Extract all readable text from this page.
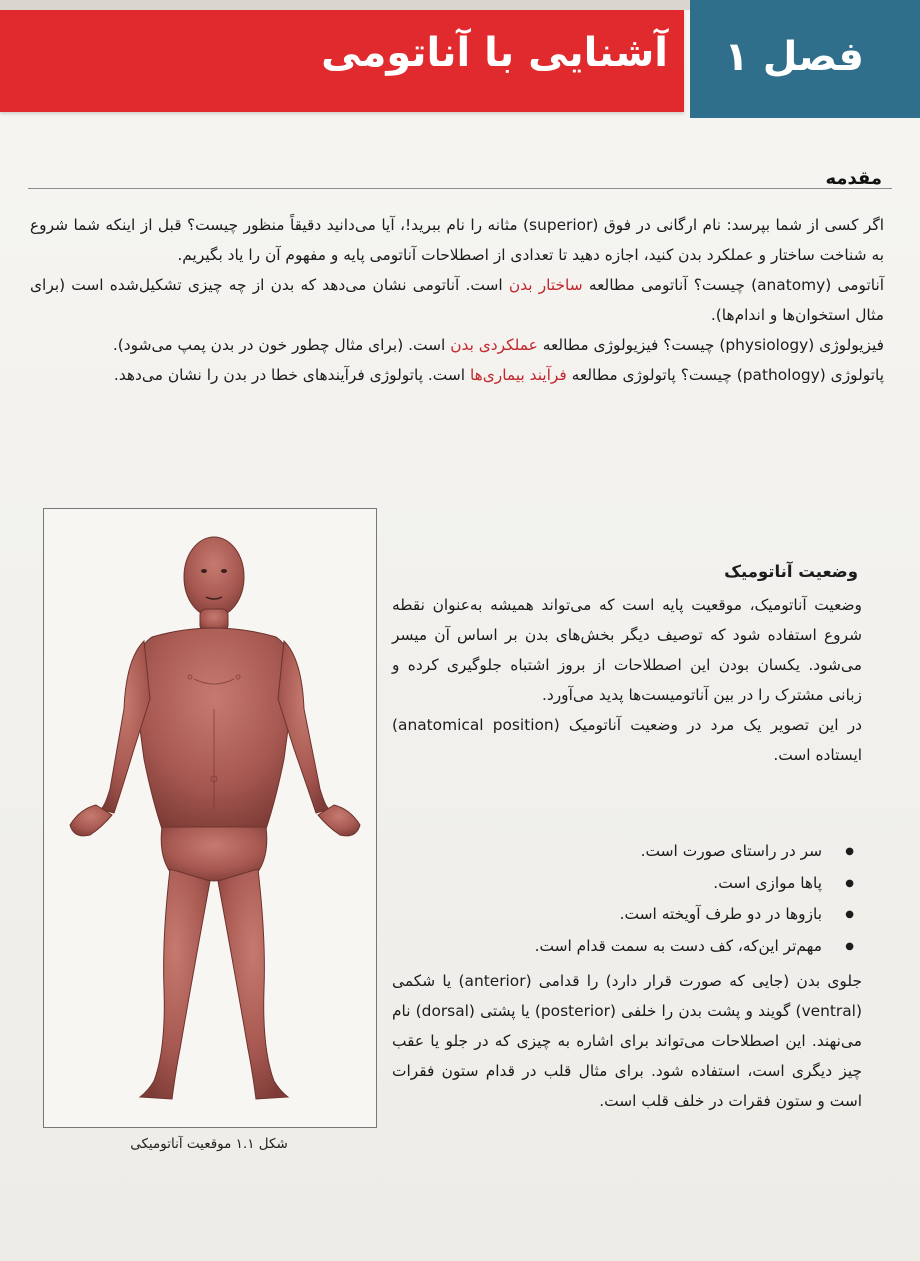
آشنایی با آناتومی فصل ۱
مقدمه

اگر کسی از شما بپرسد: نام ارگانی در فوق (superior) مثانه را نام ببرید!، آیا می‌دانید دقیقاً منظور چیست؟ قبل از اینکه شما شروع به شناخت ساختار و عملکرد بدن کنید، اجازه دهید تا تعدادی از اصطلاحات آناتومی پایه و مفهوم آن را یاد بگیریم.

آناتومی (anatomy) چیست؟ آناتومی مطالعه ساختار بدن است. آناتومی نشان می‌دهد که بدن از چه چیزی تشکیل‌شده است (برای مثال استخوان‌ها و اندام‌ها).

فیزیولوژی (physiology) چیست؟ فیزیولوژی مطالعه عملکردی بدن است. (برای مثال چطور خون در بدن پمپ می‌شود).

پاتولوژی (pathology) چیست؟ پاتولوژی مطالعه فرآیند بیماری‌ها است. پاتولوژی فرآیندهای خطا در بدن را نشان می‌دهد.

شکل ۱.۱ موقعیت آناتومیکی
وضعیت آناتومیک

وضعیت آناتومیک، موقعیت پایه است که می‌تواند همیشه به‌عنوان نقطه شروع استفاده شود که توصیف دیگر بخش‌های بدن بر اساس آن میسر می‌شود. یکسان بودن این اصطلاحات از بروز اشتباه جلوگیری کرده و زبانی مشترک را در بین آناتومیست‌ها پدید می‌آورد.

در این تصویر یک مرد در وضعیت آناتومیک (anatomical position) ایستاده است.

● سر در راستای صورت است.
● پاها موازی است.
● بازوها در دو طرف آویخته است.
● مهم‌تر این‌که، کف دست به سمت قدام است.

جلوی بدن (جایی که صورت قرار دارد) را قدامی (anterior) یا شکمی (ventral) گویند و پشت بدن را خلفی (posterior) یا پشتی (dorsal) نام می‌نهند. این اصطلاحات می‌تواند برای اشاره به چیزی که در جلو یا عقب چیز دیگری است، استفاده شود. برای مثال قلب در قدام ستون فقرات است و ستون فقرات در خلف قلب است.
